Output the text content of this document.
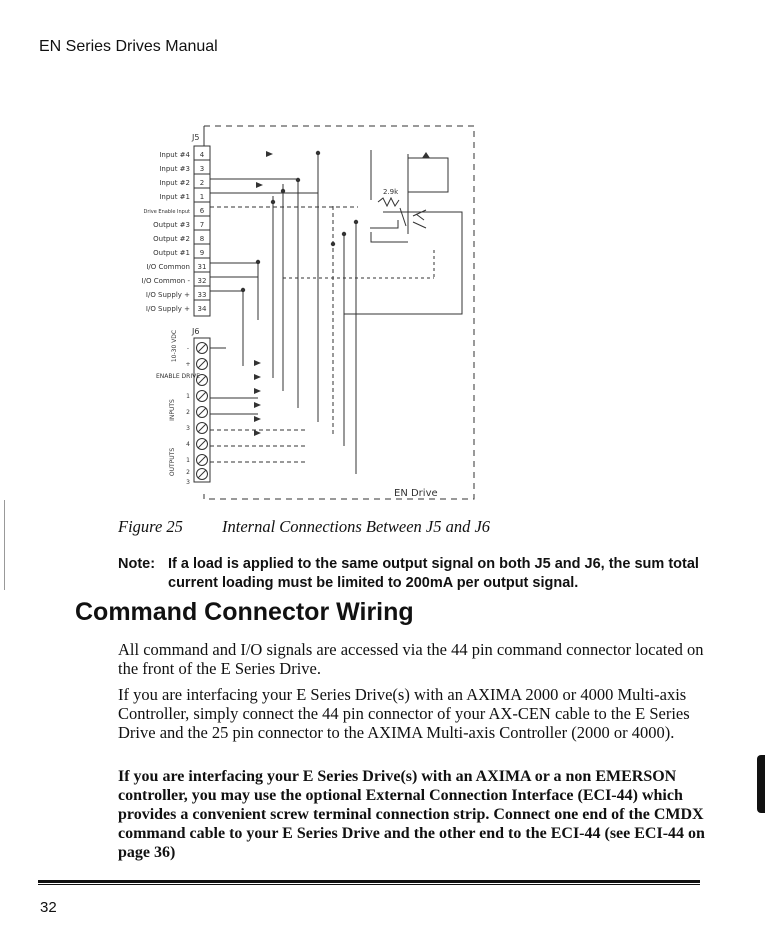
EN Series Drives Manual
J5
J6
EN Drive
2.9k
Input #4
Input #3
Input #2
Input #1
Drive Enable Input
Output #3
Output #2
Output #1
I/O Common
I/O Common -
I/O Supply +
I/O Supply +
4
3
2
1
6
7
8
9
31
32
33
34
10-30 VDC
ENABLE DRIVE
INPUTS
OUTPUTS
-
+
1
2
3
4
1
2
3
Figure 25 Internal Connections Between J5 and J6
Note: If a load is applied to the same output signal on both J5 and J6, the sum total current loading must be limited to 200mA per output signal.
Command Connector Wiring
All command and I/O signals are accessed via the 44 pin command connector located on the front of the E Series Drive.
If you are interfacing your E Series Drive(s) with an AXIMA 2000 or 4000 Multi-axis Controller, simply connect the 44 pin connector of your AX-CEN cable to the E Series Drive and the 25 pin connector to the AXIMA Multi-axis Controller (2000 or 4000).
If you are interfacing your E Series Drive(s) with an AXIMA or a non EMERSON controller, you may use the optional External Connection Interface (ECI-44) which provides a convenient screw terminal connection strip. Connect one end of the CMDX command cable to your E Series Drive and the other end to the ECI-44 (see ECI-44 on page 36)
32
